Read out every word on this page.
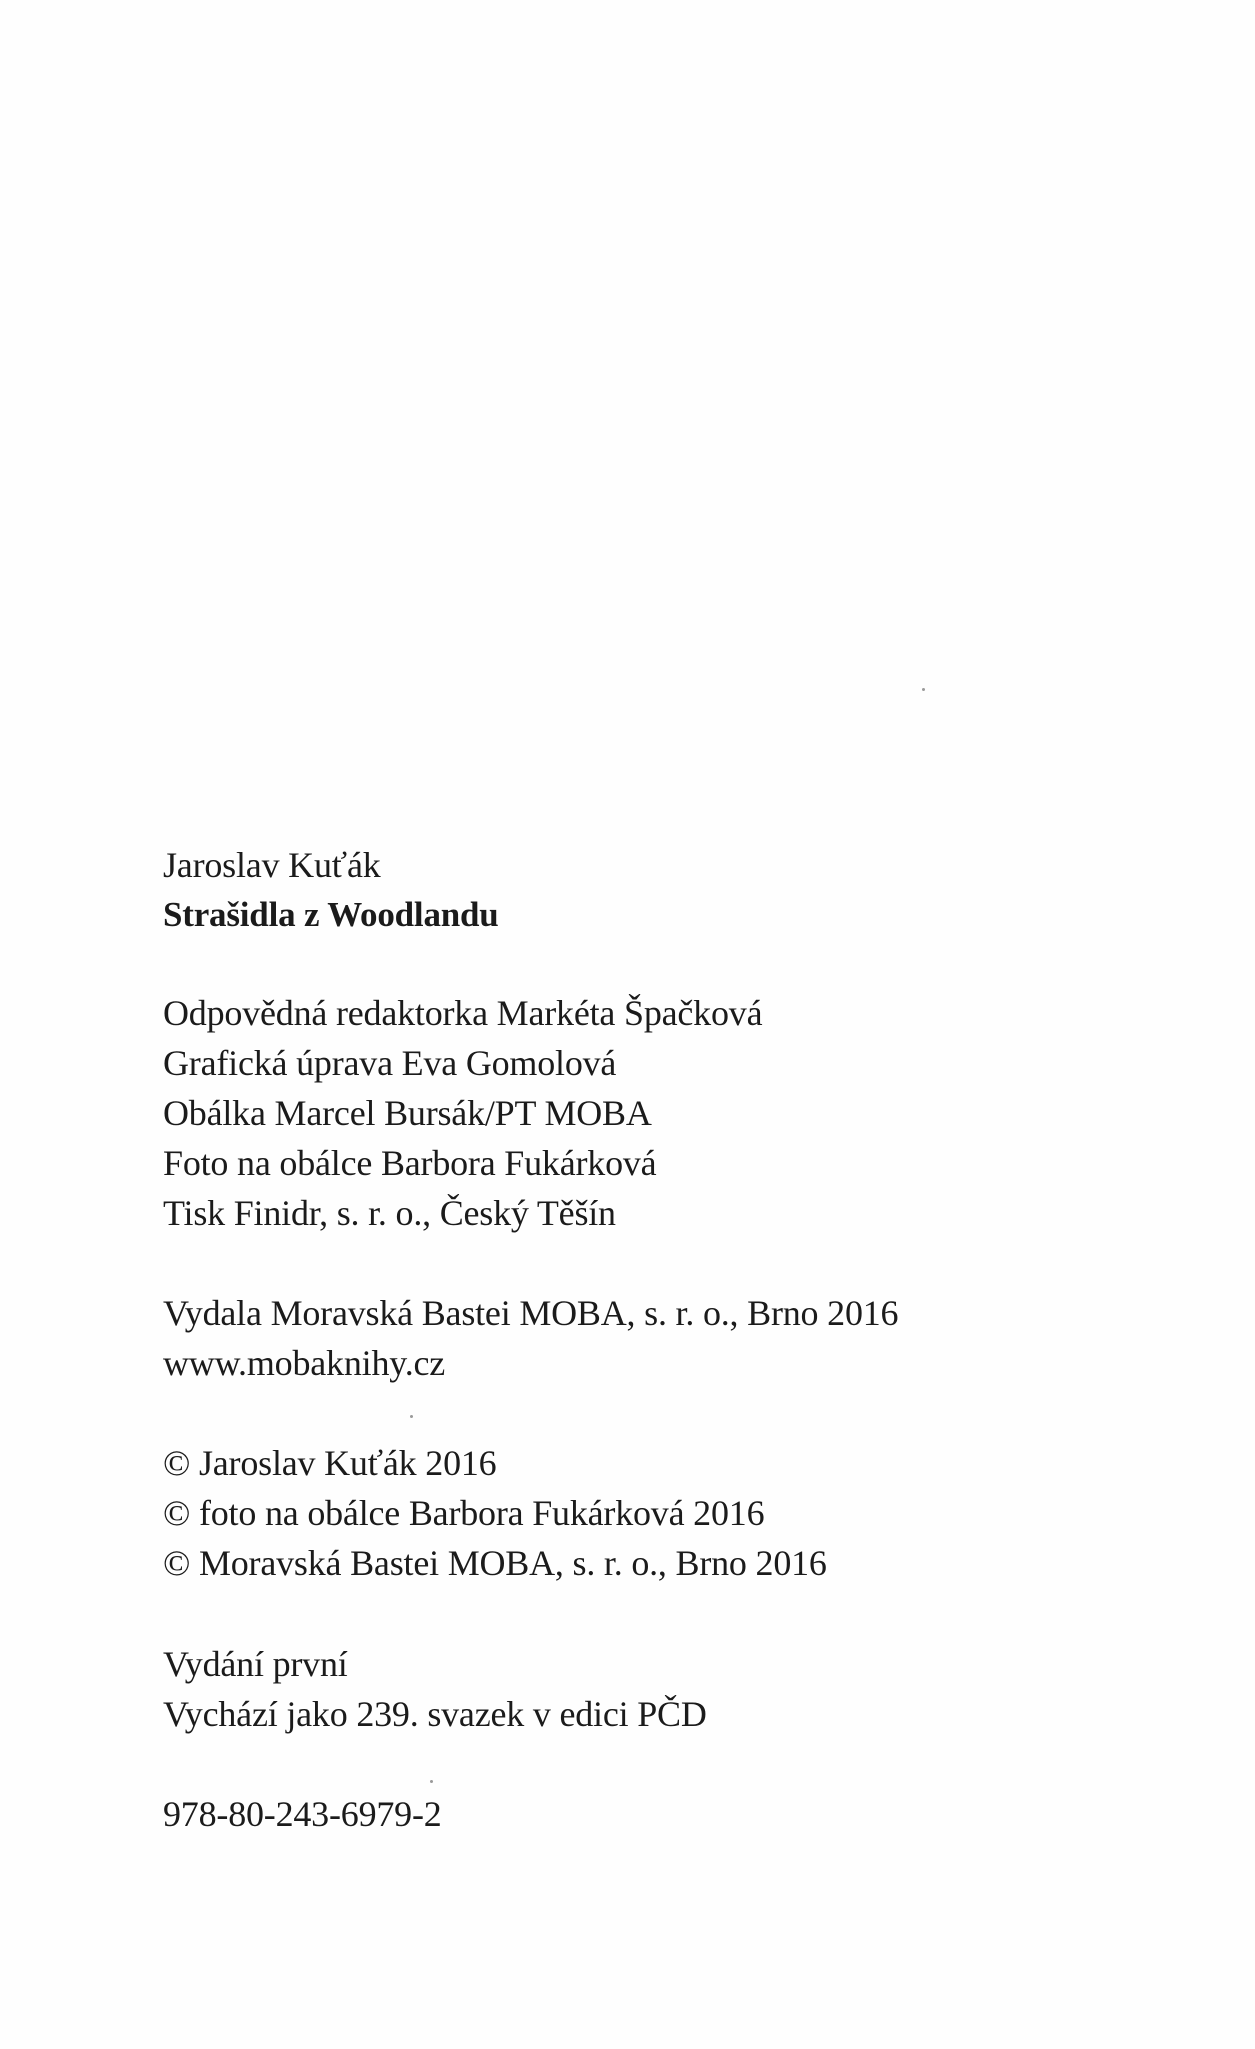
Jaroslav Kuťák
Strašidla z Woodlandu
Odpovědná redaktorka Markéta Špačková
Grafická úprava Eva Gomolová
Obálka Marcel Bursák/PT MOBA
Foto na obálce Barbora Fukárková
Tisk Finidr, s. r. o., Český Těšín
Vydala Moravská Bastei MOBA, s. r. o., Brno 2016
www.mobaknihy.cz
© Jaroslav Kuťák 2016
© foto na obálce Barbora Fukárková 2016
© Moravská Bastei MOBA, s. r. o., Brno 2016
Vydání první
Vychází jako 239. svazek v edici PČD
978-80-243-6979-2
